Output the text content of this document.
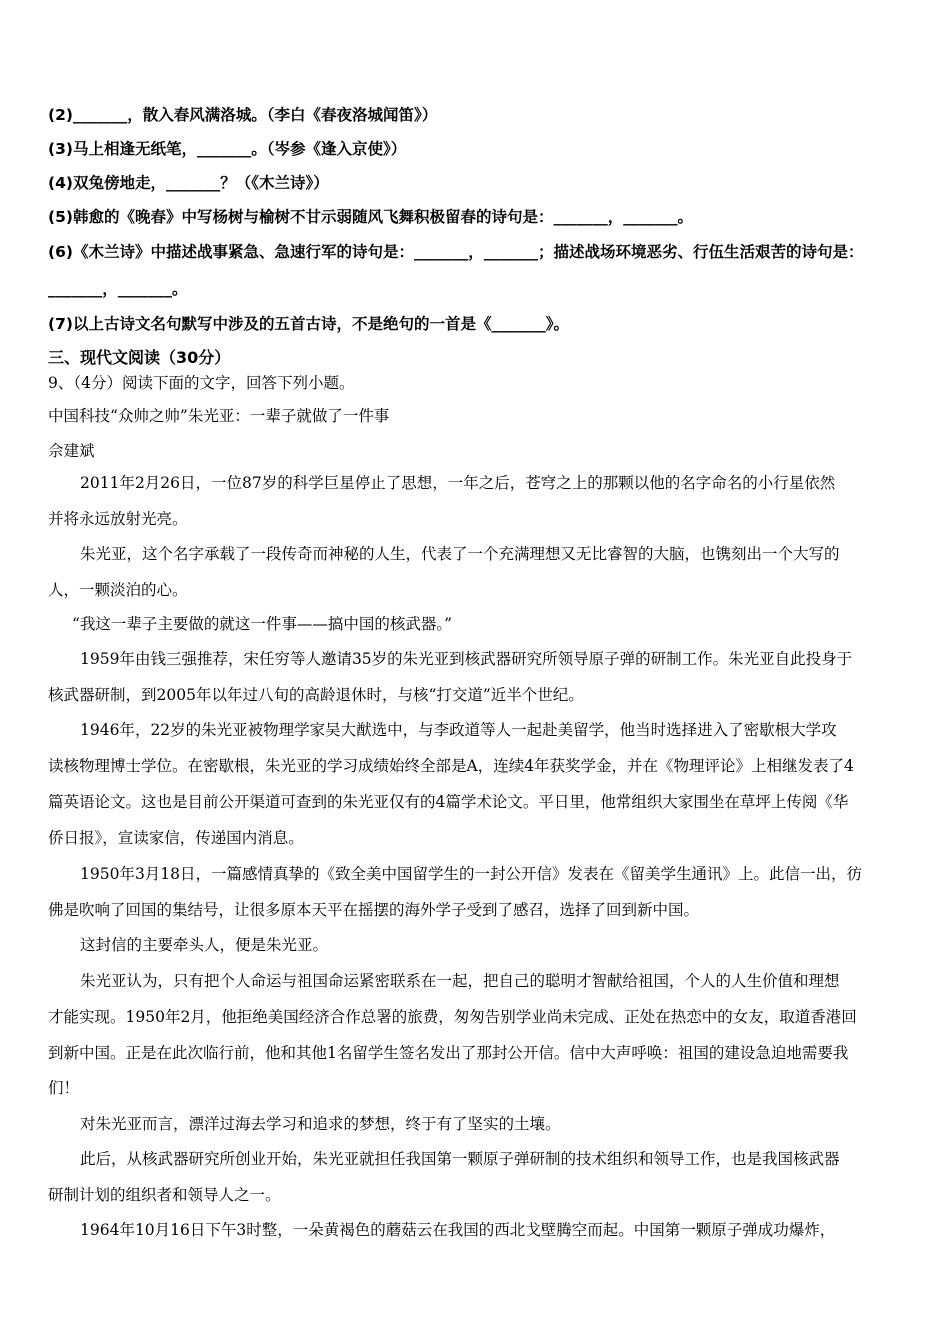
(2)_______，散入春风满洛城。（李白《春夜洛城闻笛》）
(3)马上相逢无纸笔，_______。（岑参《逢入京使》）
(4)双兔傍地走，_______？（《木兰诗》）
(5)韩愈的《晚春》中写杨树与榆树不甘示弱随风飞舞积极留春的诗句是：_______，_______。
(6)《木兰诗》中描述战事紧急、急速行军的诗句是：_______，_______；描述战场环境恶劣、行伍生活艰苦的诗句是：
_______，_______。
(7)以上古诗文名句默写中涉及的五首古诗，不是绝句的一首是《_______》。
三、现代文阅读（30分）
9、（4分）阅读下面的文字，回答下列小题。
中国科技“众帅之帅”朱光亚：一辈子就做了一件事
佘建斌
2011年2月26日，一位87岁的科学巨星停止了思想，一年之后，苍穹之上的那颗以他的名字命名的小行星依然
并将永远放射光亮。
朱光亚，这个名字承载了一段传奇而神秘的人生，代表了一个充满理想又无比睿智的大脑，也镌刻出一个大写的
人，一颗淡泊的心。
“我这一辈子主要做的就这一件事——搞中国的核武器。”
1959年由钱三强推荐，宋任穷等人邀请35岁的朱光亚到核武器研究所领导原子弹的研制工作。朱光亚自此投身于
核武器研制，到2005年以年过八旬的高龄退休时，与核“打交道”近半个世纪。
1946年，22岁的朱光亚被物理学家吴大猷选中，与李政道等人一起赴美留学，他当时选择进入了密歇根大学攻
读核物理博士学位。在密歇根，朱光亚的学习成绩始终全部是A，连续4年获奖学金，并在《物理评论》上相继发表了4
篇英语论文。这也是目前公开渠道可查到的朱光亚仅有的4篇学术论文。平日里，他常组织大家围坐在草坪上传阅《华
侨日报》，宣读家信，传递国内消息。
1950年3月18日，一篇感情真挚的《致全美中国留学生的一封公开信》发表在《留美学生通讯》上。此信一出，彷
佛是吹响了回国的集结号，让很多原本天平在摇摆的海外学子受到了感召，选择了回到新中国。
这封信的主要牵头人，便是朱光亚。
朱光亚认为，只有把个人命运与祖国命运紧密联系在一起，把自己的聪明才智献给祖国，个人的人生价值和理想
才能实现。1950年2月，他拒绝美国经济合作总署的旅费，匆匆告别学业尚未完成、正处在热恋中的女友，取道香港回
到新中国。正是在此次临行前，他和其他1名留学生签名发出了那封公开信。信中大声呼唤：祖国的建设急迫地需要我
们！
对朱光亚而言，漂洋过海去学习和追求的梦想，终于有了坚实的土壤。
此后，从核武器研究所创业开始，朱光亚就担任我国第一颗原子弹研制的技术组织和领导工作，也是我国核武器
研制计划的组织者和领导人之一。
1964年10月16日下午3时整，一朵黄褐色的蘑菇云在我国的西北戈壁腾空而起。中国第一颗原子弹成功爆炸，
